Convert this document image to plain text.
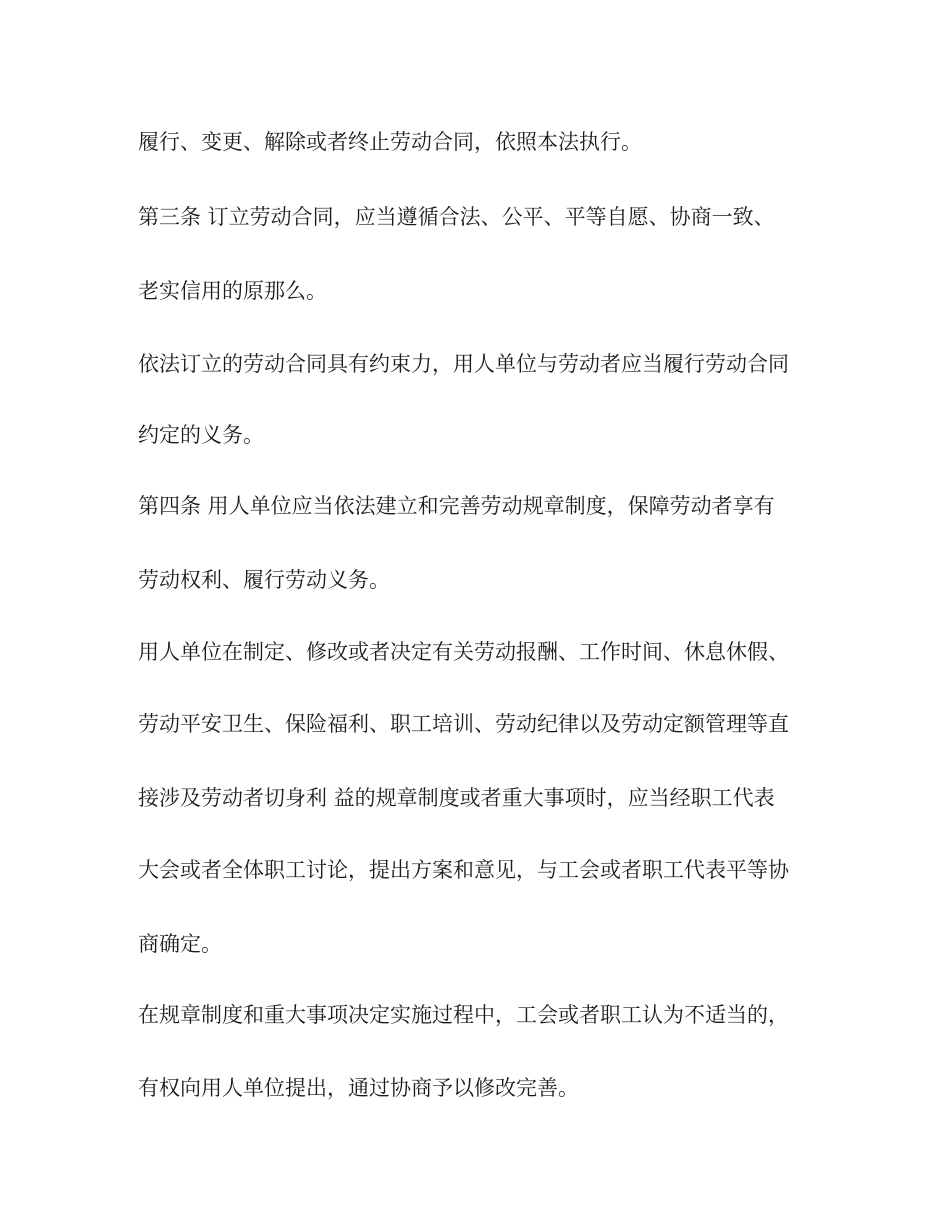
履行、变更、解除或者终止劳动合同，依照本法执行。

第三条 订立劳动合同，应当遵循合法、公平、平等自愿、协商一致、

老实信用的原那么。

依法订立的劳动合同具有约束力，用人单位与劳动者应当履行劳动合同

约定的义务。

第四条 用人单位应当依法建立和完善劳动规章制度，保障劳动者享有

劳动权利、履行劳动义务。

用人单位在制定、修改或者决定有关劳动报酬、工作时间、休息休假、

劳动平安卫生、保险福利、职工培训、劳动纪律以及劳动定额管理等直

接涉及劳动者切身利 益的规章制度或者重大事项时，应当经职工代表

大会或者全体职工讨论，提出方案和意见，与工会或者职工代表平等协

商确定。

在规章制度和重大事项决定实施过程中，工会或者职工认为不适当的，

有权向用人单位提出，通过协商予以修改完善。
